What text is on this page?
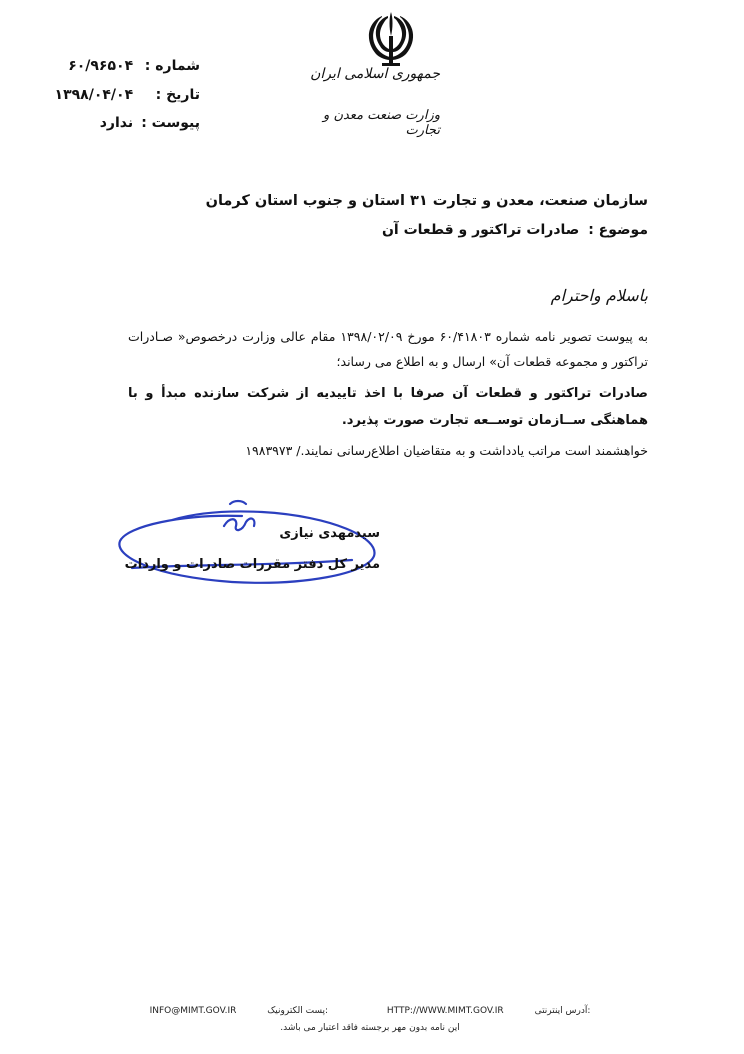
جمهوری اسلامی ایران
وزارت صنعت معدن و تجارت
شماره : ۶۰/۹۶۵۰۴
تاریخ : ۱۳۹۸/۰۴/۰۴
پیوست : ندارد
سازمان صنعت، معدن و تجارت ۳۱ استان و جنوب استان کرمان
موضوع : صادرات تراکتور و قطعات آن
باسلام واحترام
به پیوست تصویر نامه شماره ۶۰/۴۱۸۰۳ مورخ ۱۳۹۸/۰۲/۰۹ مقام عالی وزارت درخصوص« صـادرات تراکتور و مجموعه قطعات آن» ارسال و به اطلاع می رساند؛
صادرات تراکتور و قطعات آن صرفا با اخذ تاییدیه از شرکت سازنده مبدأ و با هماهنگی ســازمان توســعه تجارت صورت پذیرد.
خواهشمند است مراتب یادداشت و به متقاضیان اطلاع‌رسانی نمایند./ ۱۹۸۳۹۷۳
سیدمهدی نیازی
مدیر کل دفتر مقررات صادرات و واردات
INFO@MIMT.GOV.IR	:پست الکترونیک	HTTP://WWW.MIMT.GOV.IR	:آدرس اینترنتی
این نامه بدون مهر برجسته فاقد اعتبار می باشد.
